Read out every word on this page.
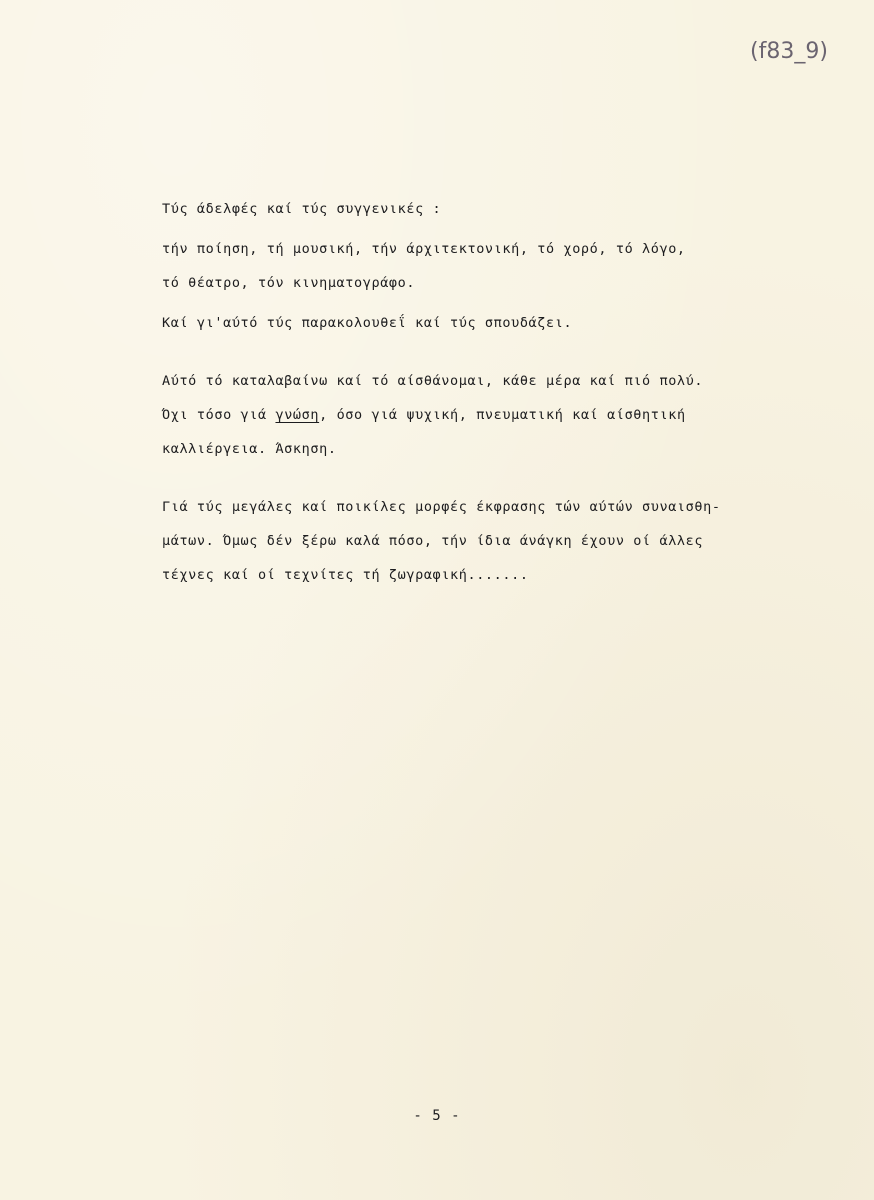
(f83_9)
Τύς άδελφές καί τύς συγγενικές :
τήν ποίηση, τή μουσική, τήν άρχιτεκτονική, τό χορό, τό λόγο,
τό θέατρο, τόν κινηματογράφο.
Καί γι'αύτό τύς παρακολουθεΐ καί τύς σπουδάζει.
Αύτό τό καταλαβαίνω καί τό αίσθάνομαι, κάθε μέρα καί πιό πολύ.
Όχι τόσο γιά γνώση, όσο γιά ψυχική, πνευματική καί αίσθητική
καλλιέργεια. Άσκηση.
Γιά τύς μεγάλες καί ποικίλες μορφές έκφρασης τών αύτών συναισθη-
μάτων. Όμως δέν ξέρω καλά πόσο, τήν ίδια άνάγκη έχουν οί άλλες
τέχνες καί οί τεχνίτες τή ζωγραφική.......
- 5 -
